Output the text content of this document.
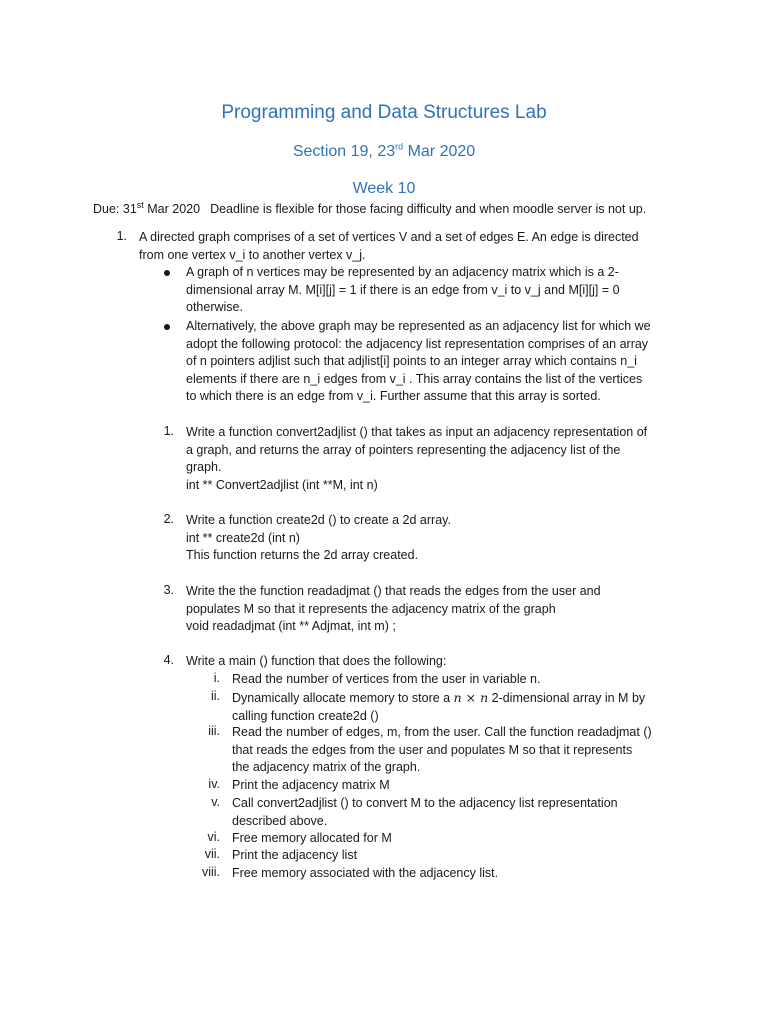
Programming and Data Structures Lab
Section 19, 23rd Mar 2020
Week 10
Due: 31st Mar 2020 Deadline is flexible for those facing difficulty and when moodle server is not up.
1. A directed graph comprises of a set of vertices V and a set of edges E. An edge is directed
from one vertex v_i to another vertex v_j.
A graph of n vertices may be represented by an adjacency matrix which is a 2-
dimensional array M. M[i][j] = 1 if there is an edge from v_i to v_j and M[i][j] = 0
otherwise.
Alternatively, the above graph may be represented as an adjacency list for which we
adopt the following protocol: the adjacency list representation comprises of an array
of n pointers adjlist such that adjlist[i] points to an integer array which contains n_i
elements if there are n_i edges from v_i . This array contains the list of the vertices
to which there is an edge from v_i. Further assume that this array is sorted.
1. Write a function convert2adjlist () that takes as input an adjacency representation of
a graph, and returns the array of pointers representing the adjacency list of the
graph.
int ** Convert2adjlist (int **M, int n)
2. Write a function create2d () to create a 2d array.
int ** create2d (int n)
This function returns the 2d array created.
3. Write the the function readadjmat () that reads the edges from the user and
populates M so that it represents the adjacency matrix of the graph
void readadjmat (int ** Adjmat, int m) ;
4. Write a main () function that does the following:
i. Read the number of vertices from the user in variable n.
ii. Dynamically allocate memory to store a n × n 2-dimensional array in M by
calling function create2d ()
iii. Read the number of edges, m, from the user. Call the function readadjmat ()
that reads the edges from the user and populates M so that it represents
the adjacency matrix of the graph.
iv. Print the adjacency matrix M
v. Call convert2adjlist () to convert M to the adjacency list representation
described above.
vi. Free memory allocated for M
vii. Print the adjacency list
viii. Free memory associated with the adjacency list.
